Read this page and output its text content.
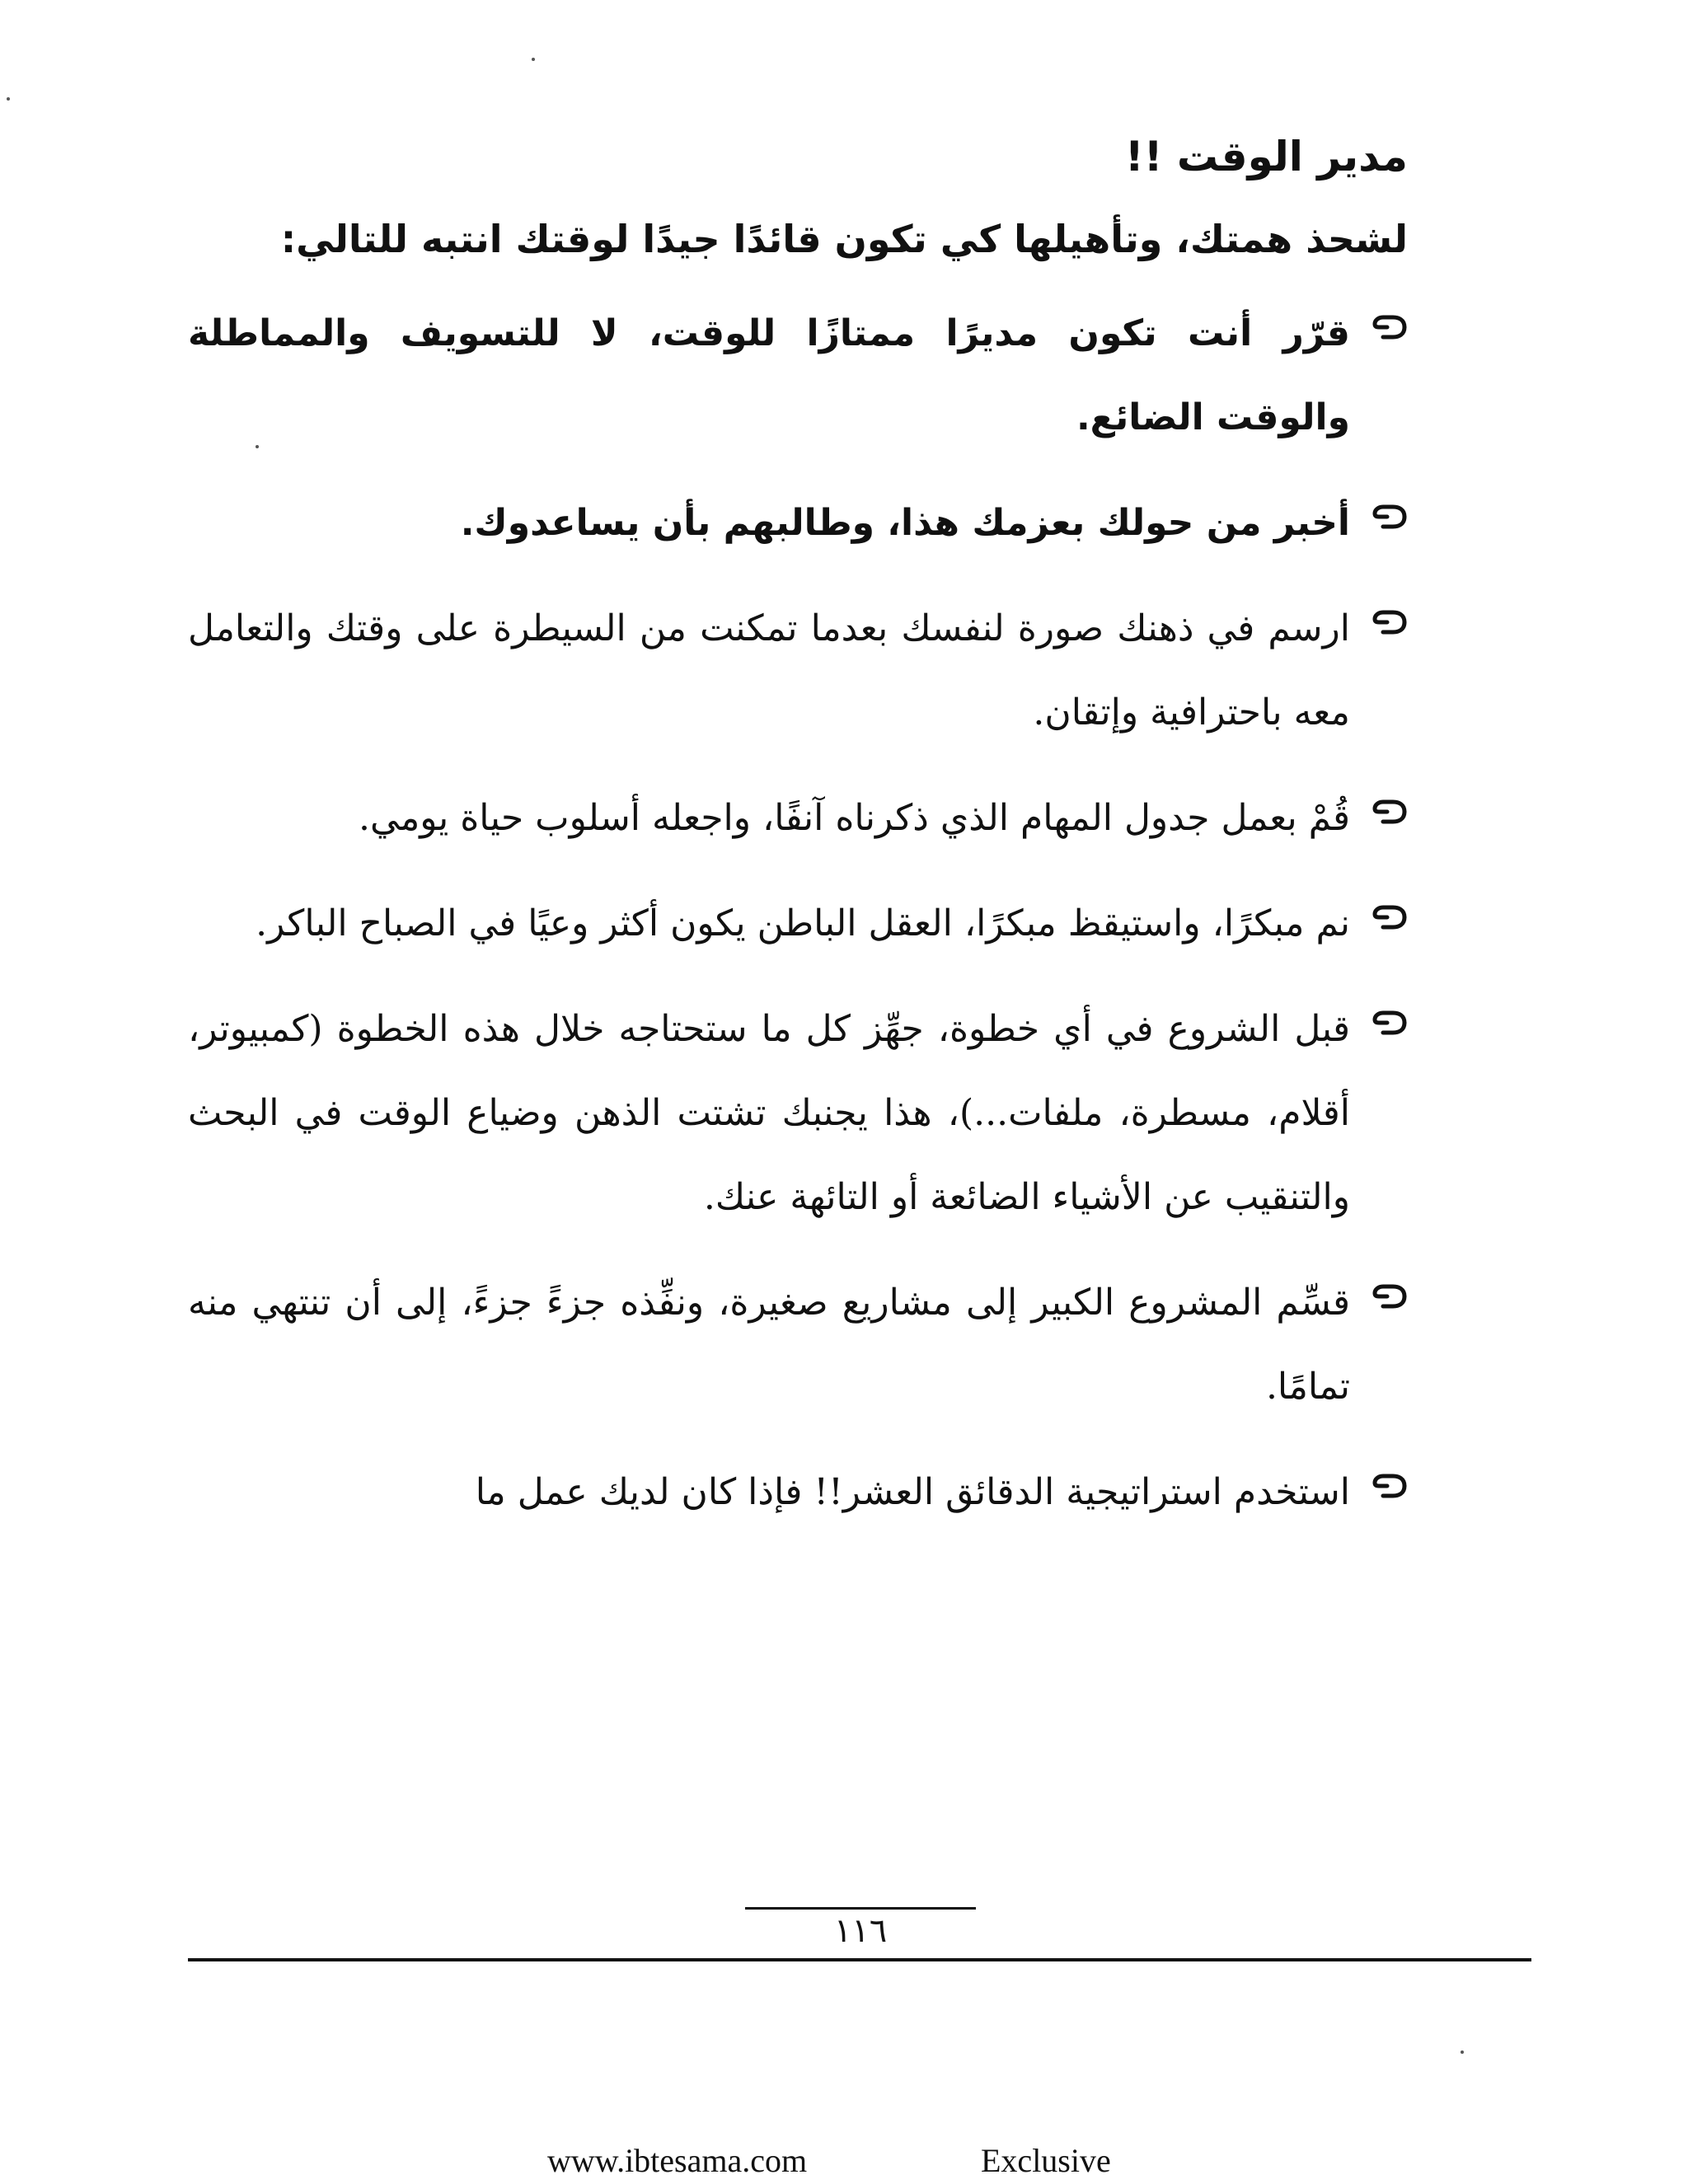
مدير الوقت !!
لشحذ همتك، وتأهيلها كي تكون قائدًا جيدًا لوقتك انتبه للتالي:
قرّر أنت تكون مديرًا ممتازًا للوقت، لا للتسويف والمماطلة والوقت الضائع.
أخبر من حولك بعزمك هذا، وطالبهم بأن يساعدوك.
ارسم في ذهنك صورة لنفسك بعدما تمكنت من السيطرة على وقتك والتعامل معه باحترافية وإتقان.
قُمْ بعمل جدول المهام الذي ذكرناه آنفًا، واجعله أسلوب حياة يومي.
نم مبكرًا، واستيقظ مبكرًا، العقل الباطن يكون أكثر وعيًا في الصباح الباكر.
قبل الشروع في أي خطوة، جهِّز كل ما ستحتاجه خلال هذه الخطوة (كمبيوتر، أقلام، مسطرة، ملفات...)، هذا يجنبك تشتت الذهن وضياع الوقت في البحث والتنقيب عن الأشياء الضائعة أو التائهة عنك.
قسِّم المشروع الكبير إلى مشاريع صغيرة، ونفِّذه جزءً جزءً، إلى أن تنتهي منه تمامًا.
استخدم استراتيجية الدقائق العشر!! فإذا كان لديك عمل ما
١١٦
www.ibtesama.com	Exclusive
